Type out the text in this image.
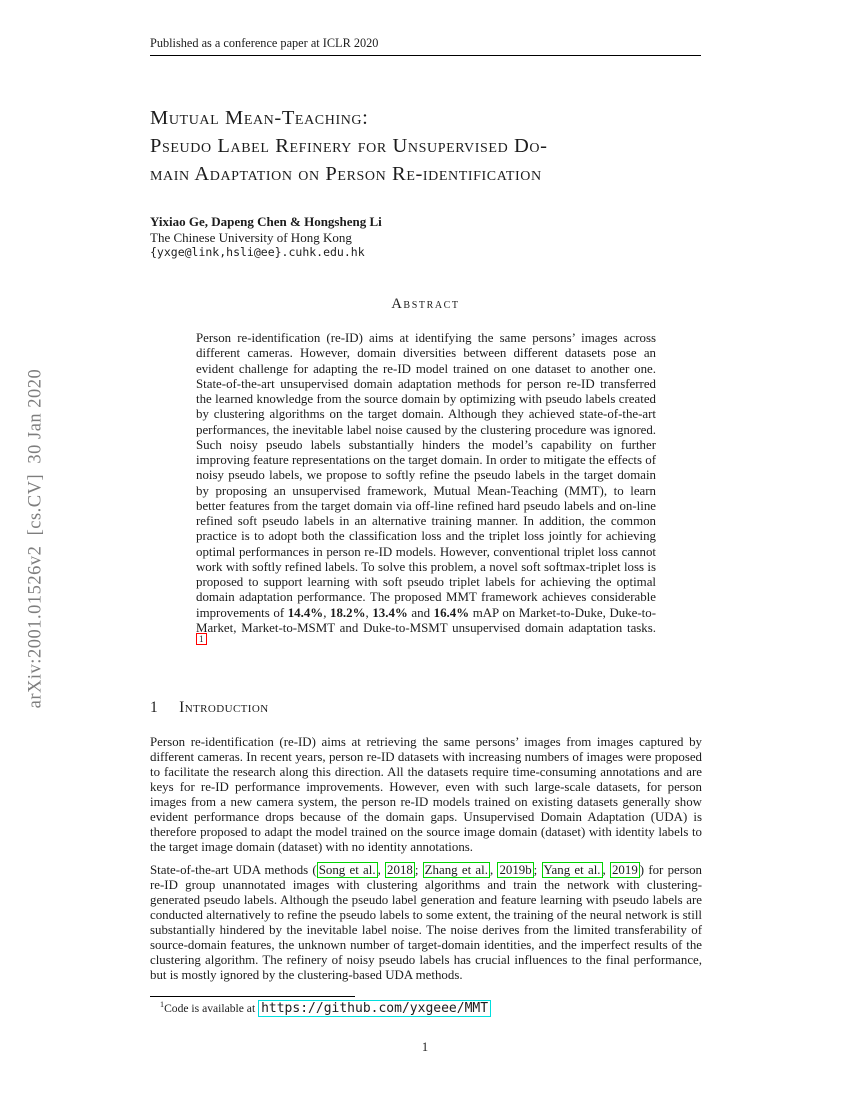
arXiv:2001.01526v2  [cs.CV]  30 Jan 2020
Published as a conference paper at ICLR 2020
Mutual Mean-Teaching:
Pseudo Label Refinery for Unsupervised Do-
main Adaptation on Person Re-identification
Yixiao Ge, Dapeng Chen & Hongsheng Li
The Chinese University of Hong Kong
{yxge@link,hsli@ee}.cuhk.edu.hk
Abstract
Person re-identification (re-ID) aims at identifying the same persons’ images across different cameras. However, domain diversities between different datasets pose an evident challenge for adapting the re-ID model trained on one dataset to another one. State-of-the-art unsupervised domain adaptation methods for person re-ID transferred the learned knowledge from the source domain by optimizing with pseudo labels created by clustering algorithms on the target domain. Although they achieved state-of-the-art performances, the inevitable label noise caused by the clustering procedure was ignored. Such noisy pseudo labels substantially hinders the model’s capability on further improving feature representations on the target domain. In order to mitigate the effects of noisy pseudo labels, we propose to softly refine the pseudo labels in the target domain by proposing an unsupervised framework, Mutual Mean-Teaching (MMT), to learn better features from the target domain via off-line refined hard pseudo labels and on-line refined soft pseudo labels in an alternative training manner. In addition, the common practice is to adopt both the classification loss and the triplet loss jointly for achieving optimal performances in person re-ID models. However, conventional triplet loss cannot work with softly refined labels. To solve this problem, a novel soft softmax-triplet loss is proposed to support learning with soft pseudo triplet labels for achieving the optimal domain adaptation performance. The proposed MMT framework achieves considerable improvements of 14.4%, 18.2%, 13.4% and 16.4% mAP on Market-to-Duke, Duke-to-Market, Market-to-MSMT and Duke-to-MSMT unsupervised domain adaptation tasks. $^1$
1 Introduction

Person re-identification (re-ID) aims at retrieving the same persons’ images from images captured by different cameras. In recent years, person re-ID datasets with increasing numbers of images were proposed to facilitate the research along this direction. All the datasets require time-consuming annotations and are keys for re-ID performance improvements. However, even with such large-scale datasets, for person images from a new camera system, the person re-ID models trained on existing datasets generally show evident performance drops because of the domain gaps. Unsupervised Domain Adaptation (UDA) is therefore proposed to adapt the model trained on the source image domain (dataset) with identity labels to the target image domain (dataset) with no identity annotations.

State-of-the-art UDA methods ( Song et al. , 2018 ; Zhang et al. , 2019b ; Yang et al. , 2019 ) for person re-ID group unannotated images with clustering algorithms and train the network with clustering-generated pseudo labels. Although the pseudo label generation and feature learning with pseudo labels are conducted alternatively to refine the pseudo labels to some extent, the training of the neural network is still substantially hindered by the inevitable label noise. The noise derives from the limited transferability of source-domain features, the unknown number of target-domain identities, and the imperfect results of the clustering algorithm. The refinery of noisy pseudo labels has crucial influences to the final performance, but is mostly ignored by the clustering-based UDA methods.

$^1$Code is available at https://github.com/yxgeee/MMT
1
